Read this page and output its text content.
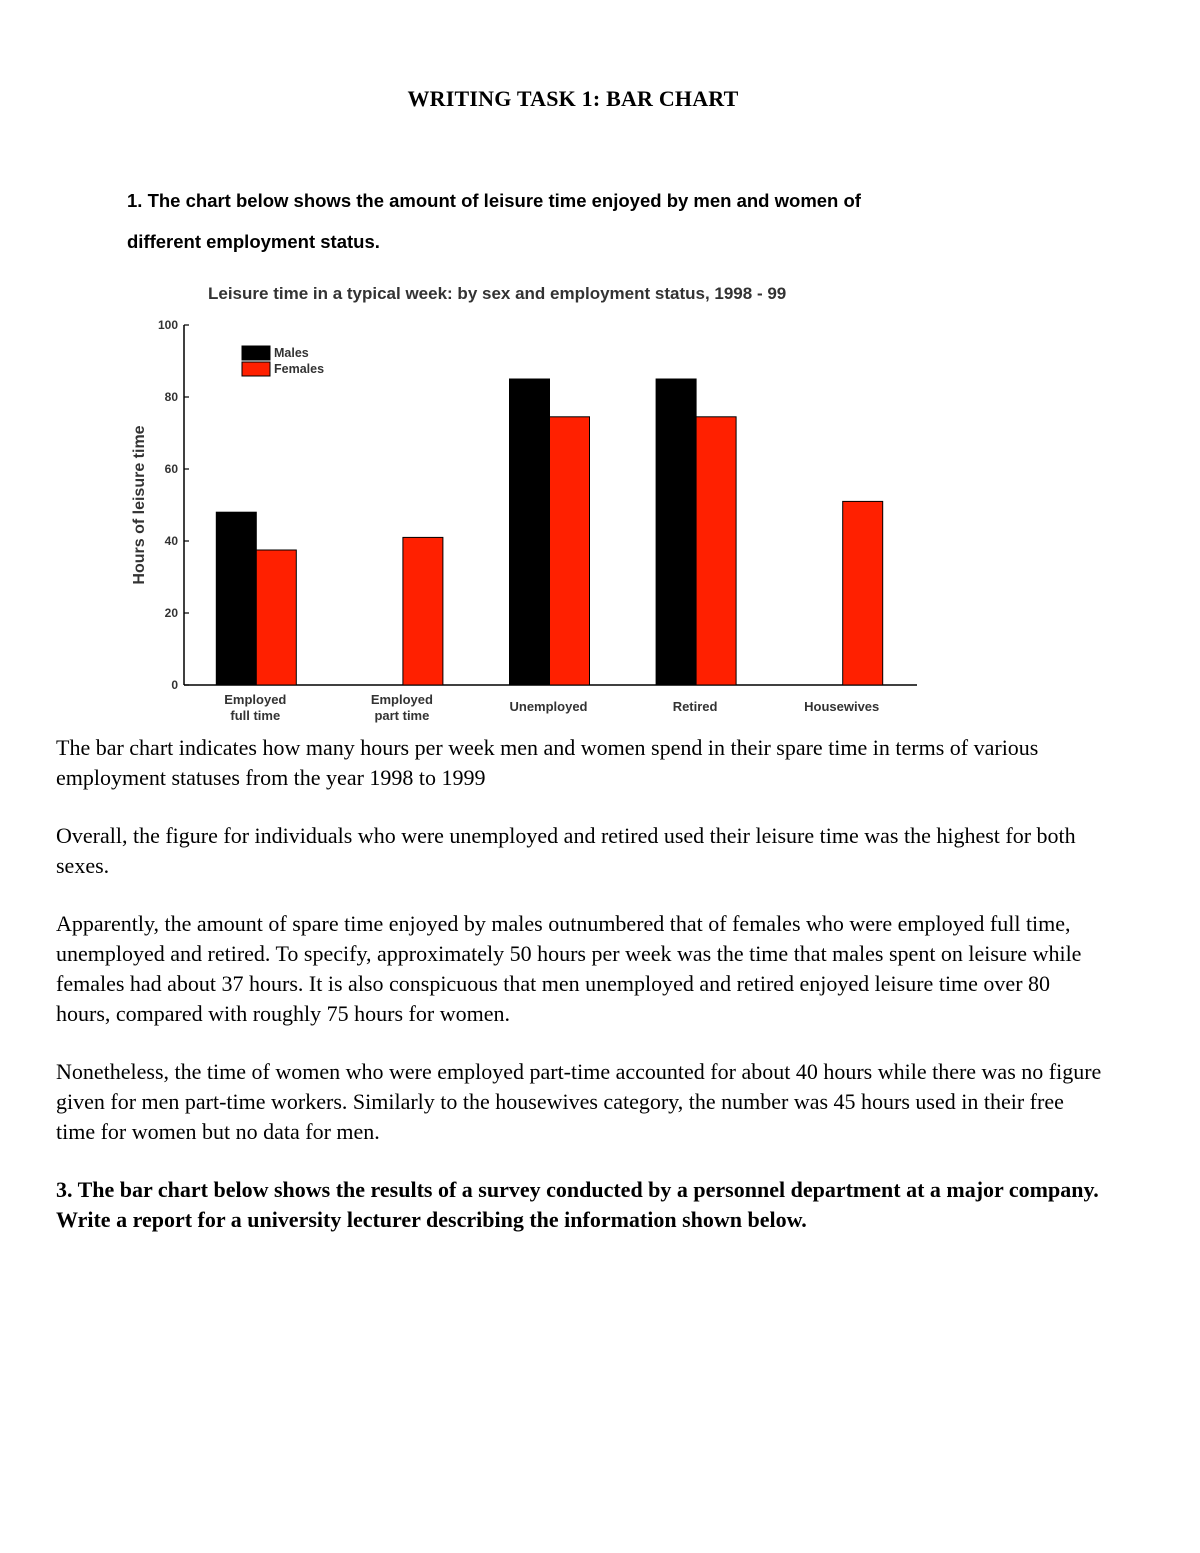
WRITING TASK 1: BAR CHART
1. The chart below shows the amount of leisure time enjoyed by men and women of
different employment status.
Leisure time in a typical week: by sex and employment status, 1998 - 99
0
20
40
60
80
100
Hours of leisure time
Employed
full time
Employed
part time
Unemployed	Retired	Housewives
Males
Females

The bar chart indicates how many hours per week men and women spend in their spare time in terms of various employment statuses from the year 1998 to 1999

Overall, the figure for individuals who were unemployed and retired used their leisure time was the highest for both sexes.

Apparently, the amount of spare time enjoyed by males outnumbered that of females who were employed full time, unemployed and retired. To specify, approximately 50 hours per week was the time that males spent on leisure while females had about 37 hours. It is also conspicuous that men unemployed and retired enjoyed leisure time over 80 hours, compared with roughly 75 hours for women.

Nonetheless, the time of women who were employed part-time accounted for about 40 hours while there was no figure given for men part-time workers. Similarly to the housewives category, the number was 45 hours used in their free time for women but no data for men.

3. The bar chart below shows the results of a survey conducted by a personnel department at a major company. Write a report for a university lecturer describing the information shown below.
